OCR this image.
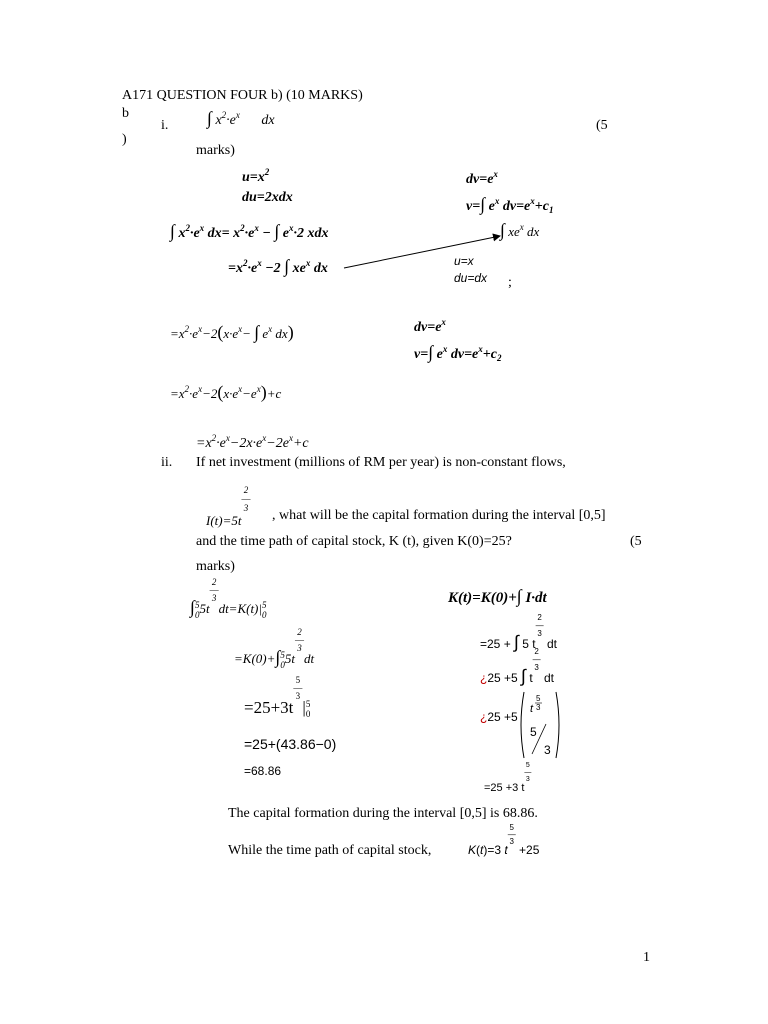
A171 QUESTION FOUR b) (10 MARKS)
b
)
i. ∫ $x^2\cdot e^x$ dx	(5
marks)
$u=x^2$
du=2xdx
$dv=e^x$
v=∫ $e^x$ $dv=e^x+c_1$
∫ $x^2\cdot e^x$ $dx= x^2\cdot e^x$ − ∫ $e^x\cdot 2$ xdx
$=x^2\cdot e^x -2$ ∫ $xe^x$ dx
∫ $xe^x$ dx
u=x
du=dx ;
$=x^2\cdot e^x-2(x\cdot e^x-$ ∫ $e^x$ dx)	$dv=e^x$
v=∫ $e^x$ $dv=e^x+c_2$
$=x^2\cdot e^x-2(x\cdot e^x-e^x)+c$
$=x^2\cdot e^x-2x\cdot e^x-2e^x+c$
ii. If net investment (millions of RM per year) is non-constant flows,
I(t)=5t2
―
3 , what will be the capital formation during the interval [0,5]
and the time path of capital stock, K (t), given K(0)=25?	(5
marks)
∫5
05t2
―
3dt=K(t)|5
0
=K(0)+∫5
05t2
―
3dt
=25+3t5
―
3|5
0
=25+(43.86−0)
=68.86
K(t)=K(0)+∫ I·dt
=25 + ∫ 5 t2
―
3 dt
¿25 +5 ∫ t2
―
3 dt
¿25 +5
t
5
3
5
3
=25 +3 t5
―
3
The capital formation during the interval [0,5] is 68.86.
While the time path of capital stock,	K(t)=3 t5
―
3 +25
1
